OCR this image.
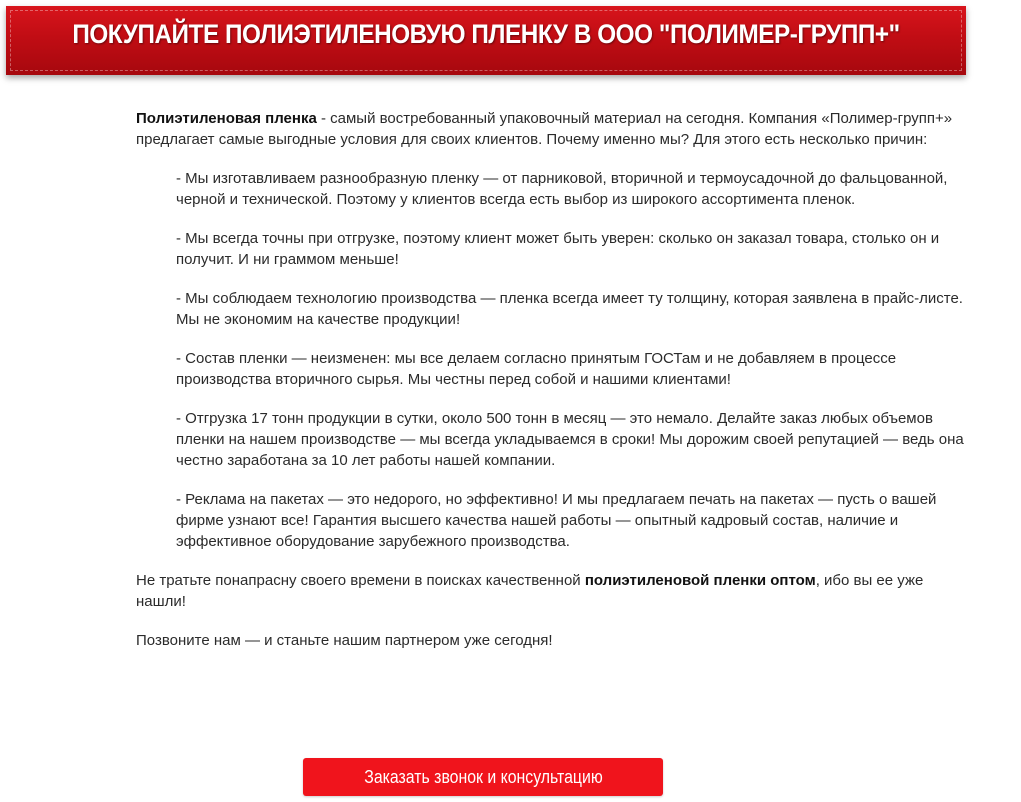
ПОКУПАЙТЕ ПОЛИЭТИЛЕНОВУЮ ПЛЕНКУ В ООО "ПОЛИМЕР-ГРУПП+"

Полиэтиленовая пленка - самый востребованный упаковочный материал на сегодня. Компания «Полимер-групп+» предлагает самые выгодные условия для своих клиентов. Почему именно мы? Для этого есть несколько причин:

- Мы изготавливаем разнообразную пленку — от парниковой, вторичной и термоусадочной до фальцованной, черной и технической. Поэтому у клиентов всегда есть выбор из широкого ассортимента пленок.
- Мы всегда точны при отгрузке, поэтому клиент может быть уверен: сколько он заказал товара, столько он и получит. И ни граммом меньше!
- Мы соблюдаем технологию производства — пленка всегда имеет ту толщину, которая заявлена в прайс-листе. Мы не экономим на качестве продукции!
- Состав пленки — неизменен: мы все делаем согласно принятым ГОСТам и не добавляем в процессе производства вторичного сырья. Мы честны перед собой и нашими клиентами!
- Отгрузка 17 тонн продукции в сутки, около 500 тонн в месяц — это немало. Делайте заказ любых объемов пленки на нашем производстве — мы всегда укладываемся в сроки! Мы дорожим своей репутацией — ведь она честно заработана за 10 лет работы нашей компании.
- Реклама на пакетах — это недорого, но эффективно! И мы предлагаем печать на пакетах — пусть о вашей фирме узнают все! Гарантия высшего качества нашей работы — опытный кадровый состав, наличие и эффективное оборудование зарубежного производства.

Не тратьте понапрасну своего времени в поисках качественной полиэтиленовой пленки оптом, ибо вы ее уже нашли!

Позвоните нам — и станьте нашим партнером уже сегодня!

Заказать звонок и консультацию
